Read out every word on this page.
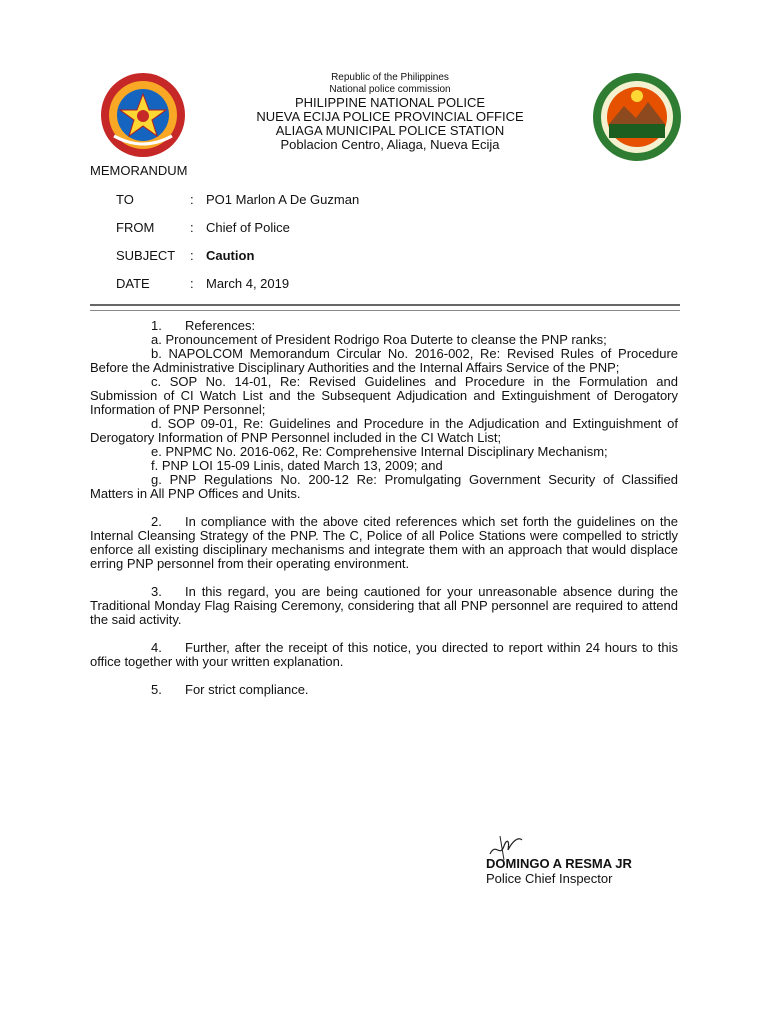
Republic of the Philippines
National police commission
PHILIPPINE NATIONAL POLICE
NUEVA ECIJA POLICE PROVINCIAL OFFICE
ALIAGA MUNICIPAL POLICE STATION
Poblacion Centro, Aliaga, Nueva Ecija
MEMORANDUM
TO	: PO1 Marlon A De Guzman
FROM	: Chief of Police
SUBJECT : Caution
DATE	: March 4, 2019

1. References:

a. Pronouncement of President Rodrigo Roa Duterte to cleanse the PNP ranks;

b. NAPOLCOM Memorandum Circular No. 2016-002, Re: Revised Rules of Procedure Before the Administrative Disciplinary Authorities and the Internal Affairs Service of the PNP;

c. SOP No. 14-01, Re: Revised Guidelines and Procedure in the Formulation and Submission of CI Watch List and the Subsequent Adjudication and Extinguishment of Derogatory Information of PNP Personnel;

d. SOP 09-01, Re: Guidelines and Procedure in the Adjudication and Extinguishment of Derogatory Information of PNP Personnel included in the CI Watch List;

e. PNPMC No. 2016-062, Re: Comprehensive Internal Disciplinary Mechanism;

f. PNP LOI 15-09 Linis, dated March 13, 2009; and

g. PNP Regulations No. 200-12 Re: Promulgating Government Security of Classified Matters in All PNP Offices and Units.

2. In compliance with the above cited references which set forth the guidelines on the Internal Cleansing Strategy of the PNP. The C, Police of all Police Stations were compelled to strictly enforce all existing disciplinary mechanisms and integrate them with an approach that would displace erring PNP personnel from their operating environment.

3. In this regard, you are being cautioned for your unreasonable absence during the Traditional Monday Flag Raising Ceremony, considering that all PNP personnel are required to attend the said activity.

4. Further, after the receipt of this notice, you directed to report within 24 hours to this office together with your written explanation.

5. For strict compliance.

DOMINGO A RESMA JR
Police Chief Inspector
